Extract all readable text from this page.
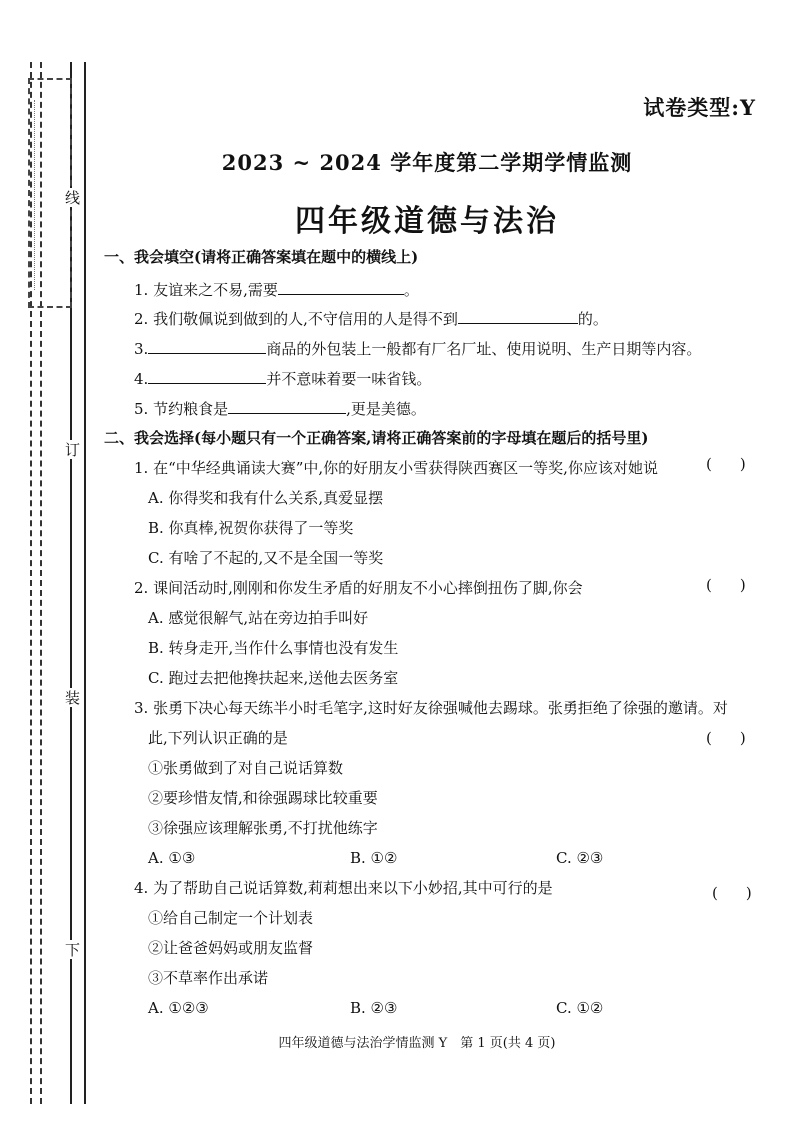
线
订
装
下
试卷类型:Y
2023 ~ 2024 学年度第二学期学情监测
四年级道德与法治
一、我会填空(请将正确答案填在题中的横线上)
1. 友谊来之不易,需要	。
2. 我们敬佩说到做到的人,不守信用的人是得不到	的。
3.	商品的外包装上一般都有厂名厂址、使用说明、生产日期等内容。
4.	并不意味着要一味省钱。
5. 节约粮食是	,更是美德。
二、我会选择(每小题只有一个正确答案,请将正确答案前的字母填在题后的括号里)
1. 在“中华经典诵读大赛”中,你的好朋友小雪获得陕西赛区一等奖,你应该对她说	()
A. 你得奖和我有什么关系,真爱显摆
B. 你真棒,祝贺你获得了一等奖
C. 有啥了不起的,又不是全国一等奖
2. 课间活动时,刚刚和你发生矛盾的好朋友不小心摔倒扭伤了脚,你会	()
A. 感觉很解气,站在旁边拍手叫好
B. 转身走开,当作什么事情也没有发生
C. 跑过去把他搀扶起来,送他去医务室
3. 张勇下决心每天练半小时毛笔字,这时好友徐强喊他去踢球。张勇拒绝了徐强的邀请。对
此,下列认识正确的是	()
①张勇做到了对自己说话算数
②要珍惜友情,和徐强踢球比较重要
③徐强应该理解张勇,不打扰他练字
A. ①③	B. ①②	C. ②③
4. 为了帮助自己说话算数,莉莉想出来以下小妙招,其中可行的是	()
①给自己制定一个计划表
②让爸爸妈妈或朋友监督
③不草率作出承诺
A. ①②③	B. ②③	C. ①②
四年级道德与法治学情监测 Y　第 1 页(共 4 页)
